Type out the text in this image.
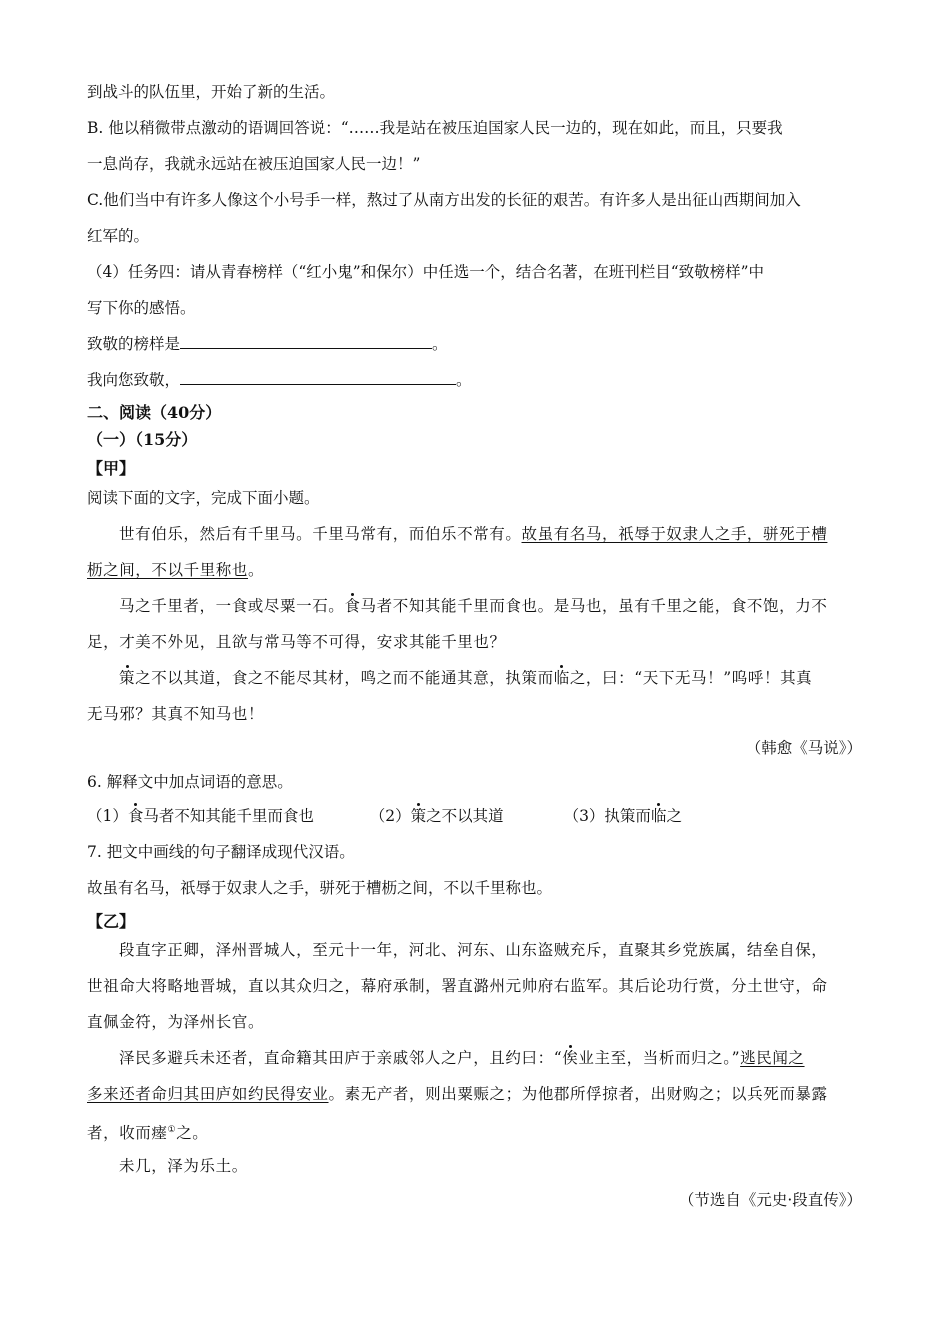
到战斗的队伍里，开始了新的生活。
B. 他以稍微带点激动的语调回答说：“……我是站在被压迫国家人民一边的，现在如此，而且，只要我
一息尚存，我就永远站在被压迫国家人民一边！”
C.他们当中有许多人像这个小号手一样，熬过了从南方出发的长征的艰苦。有许多人是出征山西期间加入
红军的。
（4）任务四：请从青春榜样（“红小鬼”和保尔）中任选一个，结合名著，在班刊栏目“致敬榜样”中
写下你的感悟。
致敬的榜样是	。
我向您致敬，	。
二、阅读（40分）
（一）（15分）
【甲】
阅读下面的文字，完成下面小题。
世有伯乐，然后有千里马。千里马常有，而伯乐不常有。故虽有名马，祇辱于奴隶人之手，骈死于槽
枥之间，不以千里称也。
马之千里者，一食或尽粟一石。食马者不知其能千里而食也。是马也，虽有千里之能，食不饱，力不
足，才美不外见，且欲与常马等不可得，安求其能千里也？
策之不以其道，食之不能尽其材，鸣之而不能通其意，执策而临之，曰：“天下无马！”呜呼！其真
无马邪？其真不知马也！
（韩愈《马说》）
6. 解释文中加点词语的意思。
（1）食马者不知其能千里而食也	（2）策之不以其道	（3）执策而临之
7. 把文中画线的句子翻译成现代汉语。
故虽有名马，祇辱于奴隶人之手，骈死于槽枥之间，不以千里称也。
【乙】
段直字正卿，泽州晋城人，至元十一年，河北、河东、山东盗贼充斥，直聚其乡党族属，结垒自保，
世祖命大将略地晋城，直以其众归之，幕府承制，署直潞州元帅府右监军。其后论功行赏，分土世守，命
直佩金符，为泽州长官。
泽民多避兵未还者，直命籍其田庐于亲戚邻人之户，且约曰：“俟业主至，当析而归之。”逃民闻之
多来还者命归其田庐如约民得安业。素无产者，则出粟赈之；为他郡所俘掠者，出财购之；以兵死而暴露
者，收而瘗①之。
未几，泽为乐土。
（节选自《元史·段直传》）
